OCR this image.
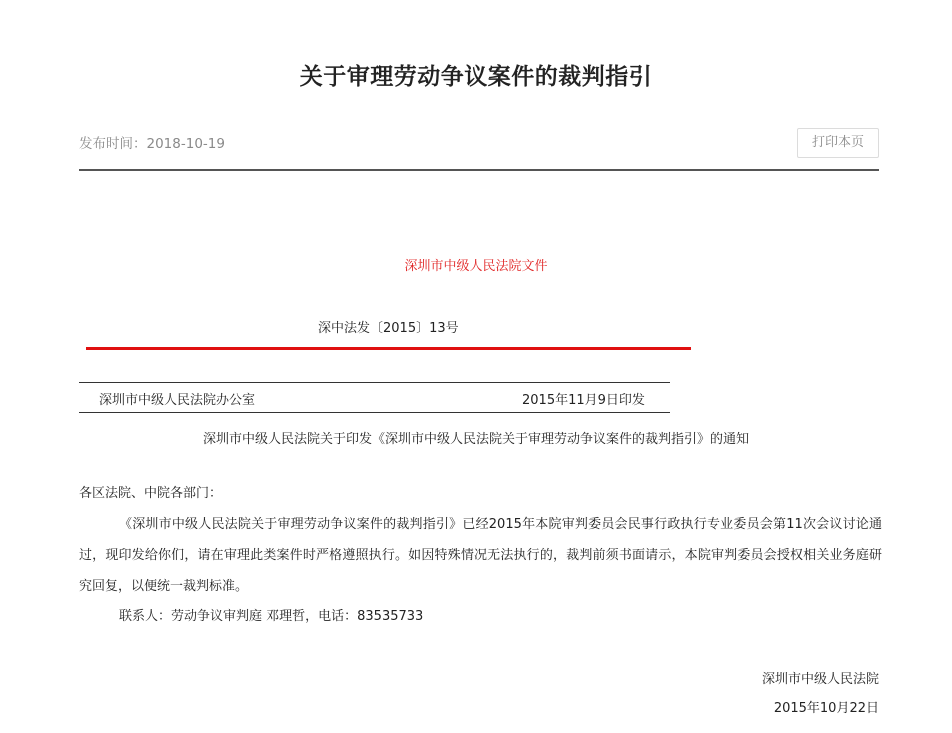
关于审理劳动争议案件的裁判指引
发布时间：2018-10-19	打印本页
深圳市中级人民法院文件
深中法发〔2015〕13号
深圳市中级人民法院办公室	2015年11月9日印发
深圳市中级人民法院关于印发《深圳市中级人民法院关于审理劳动争议案件的裁判指引》的通知
各区法院、中院各部门：

《深圳市中级人民法院关于审理劳动争议案件的裁判指引》已经2015年本院审判委员会民事行政执行专业委员会第11次会议讨论通过，现印发给你们，请在审理此类案件时严格遵照执行。如因特殊情况无法执行的，裁判前须书面请示，本院审判委员会授权相关业务庭研究回复，以便统一裁判标准。

联系人：劳动争议审判庭 邓理哲，电话：83535733
深圳市中级人民法院
2015年10月22日
